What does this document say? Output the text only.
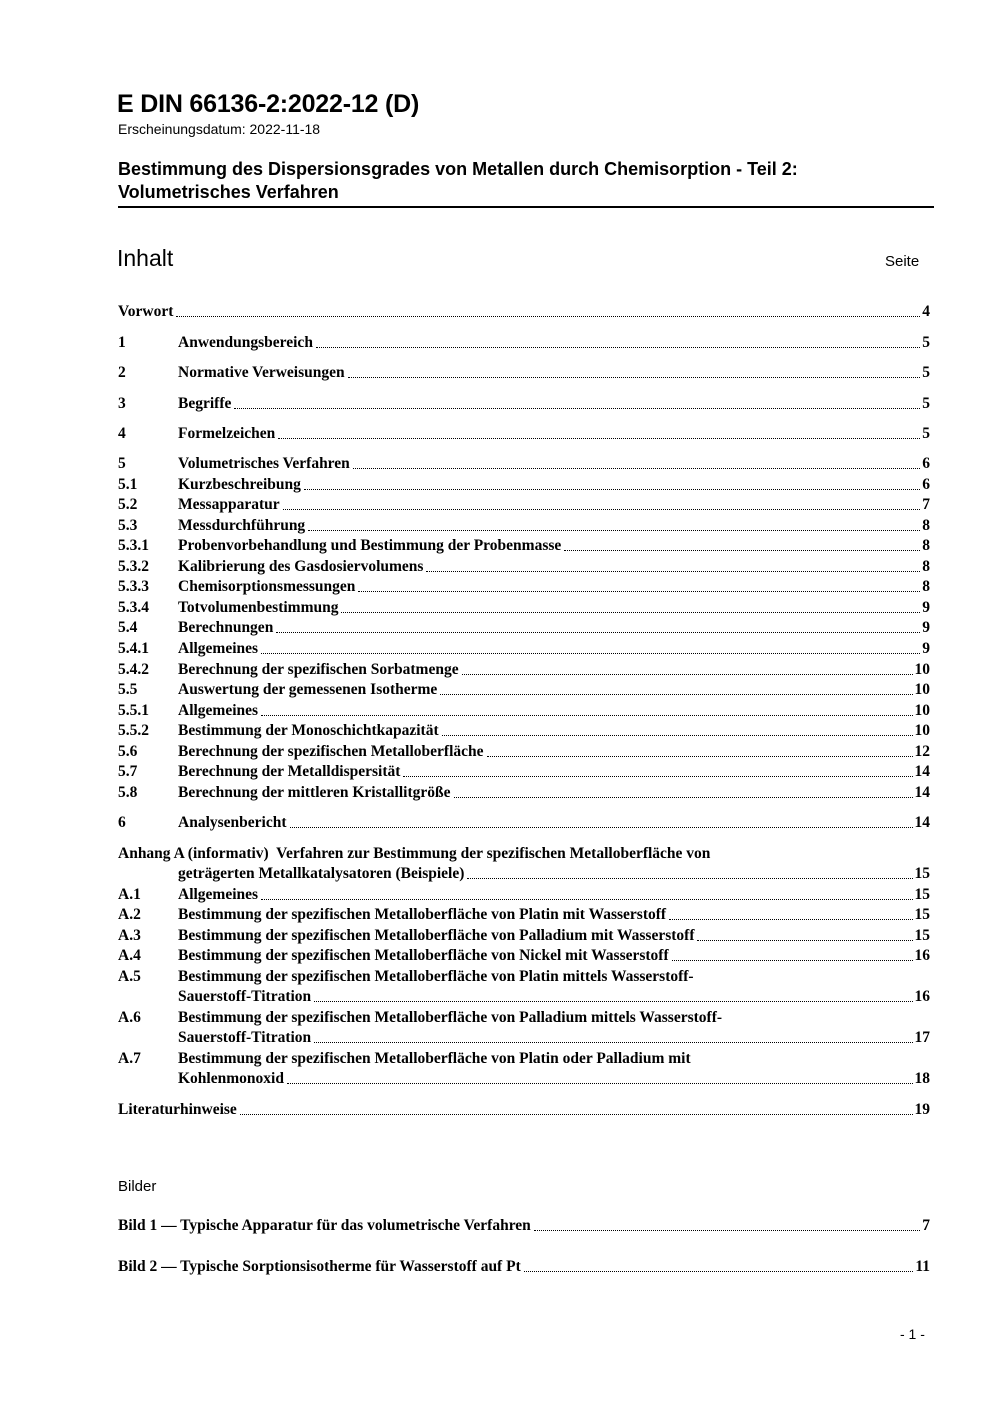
E DIN 66136-2:2022-12 (D)
Erscheinungsdatum: 2022-11-18
Bestimmung des Dispersionsgrades von Metallen durch Chemisorption - Teil 2:
Volumetrisches Verfahren
Inhalt	Seite
Vorwort	4
1	Anwendungsbereich	5
2	Normative Verweisungen	5
3	Begriffe	5
4	Formelzeichen	5
5	Volumetrisches Verfahren	6
5.1	Kurzbeschreibung	6
5.2	Messapparatur	7
5.3	Messdurchführung	8
5.3.1 Probenvorbehandlung und Bestimmung der Probenmasse	8
5.3.2 Kalibrierung des Gasdosiervolumens	8
5.3.3 Chemisorptionsmessungen	8
5.3.4 Totvolumenbestimmung	9
5.4	Berechnungen	9
5.4.1 Allgemeines	9
5.4.2 Berechnung der spezifischen Sorbatmenge	10
5.5	Auswertung der gemessenen Isotherme	10
5.5.1 Allgemeines	10
5.5.2 Bestimmung der Monoschichtkapazität	10
5.6	Berechnung der spezifischen Metalloberfläche	12
5.7	Berechnung der Metalldispersität	14
5.8	Berechnung der mittleren Kristallitgröße	14
6	Analysenbericht	14
Anhang A (informativ)  Verfahren zur Bestimmung der spezifischen Metalloberfläche von
geträgerten Metallkatalysatoren (Beispiele)	15
A.1 Allgemeines	15
A.2 Bestimmung der spezifischen Metalloberfläche von Platin mit Wasserstoff	15
A.3 Bestimmung der spezifischen Metalloberfläche von Palladium mit Wasserstoff	15
A.4 Bestimmung der spezifischen Metalloberfläche von Nickel mit Wasserstoff	16
A.5 Bestimmung der spezifischen Metalloberfläche von Platin mittels Wasserstoff-
Sauerstoff-Titration	16
A.6 Bestimmung der spezifischen Metalloberfläche von Palladium mittels Wasserstoff-
Sauerstoff-Titration	17
A.7 Bestimmung der spezifischen Metalloberfläche von Platin oder Palladium mit
Kohlenmonoxid	18
Literaturhinweise	19
Bilder
Bild 1 — Typische Apparatur für das volumetrische Verfahren	7
Bild 2 — Typische Sorptionsisotherme für Wasserstoff auf Pt	11
- 1 -
